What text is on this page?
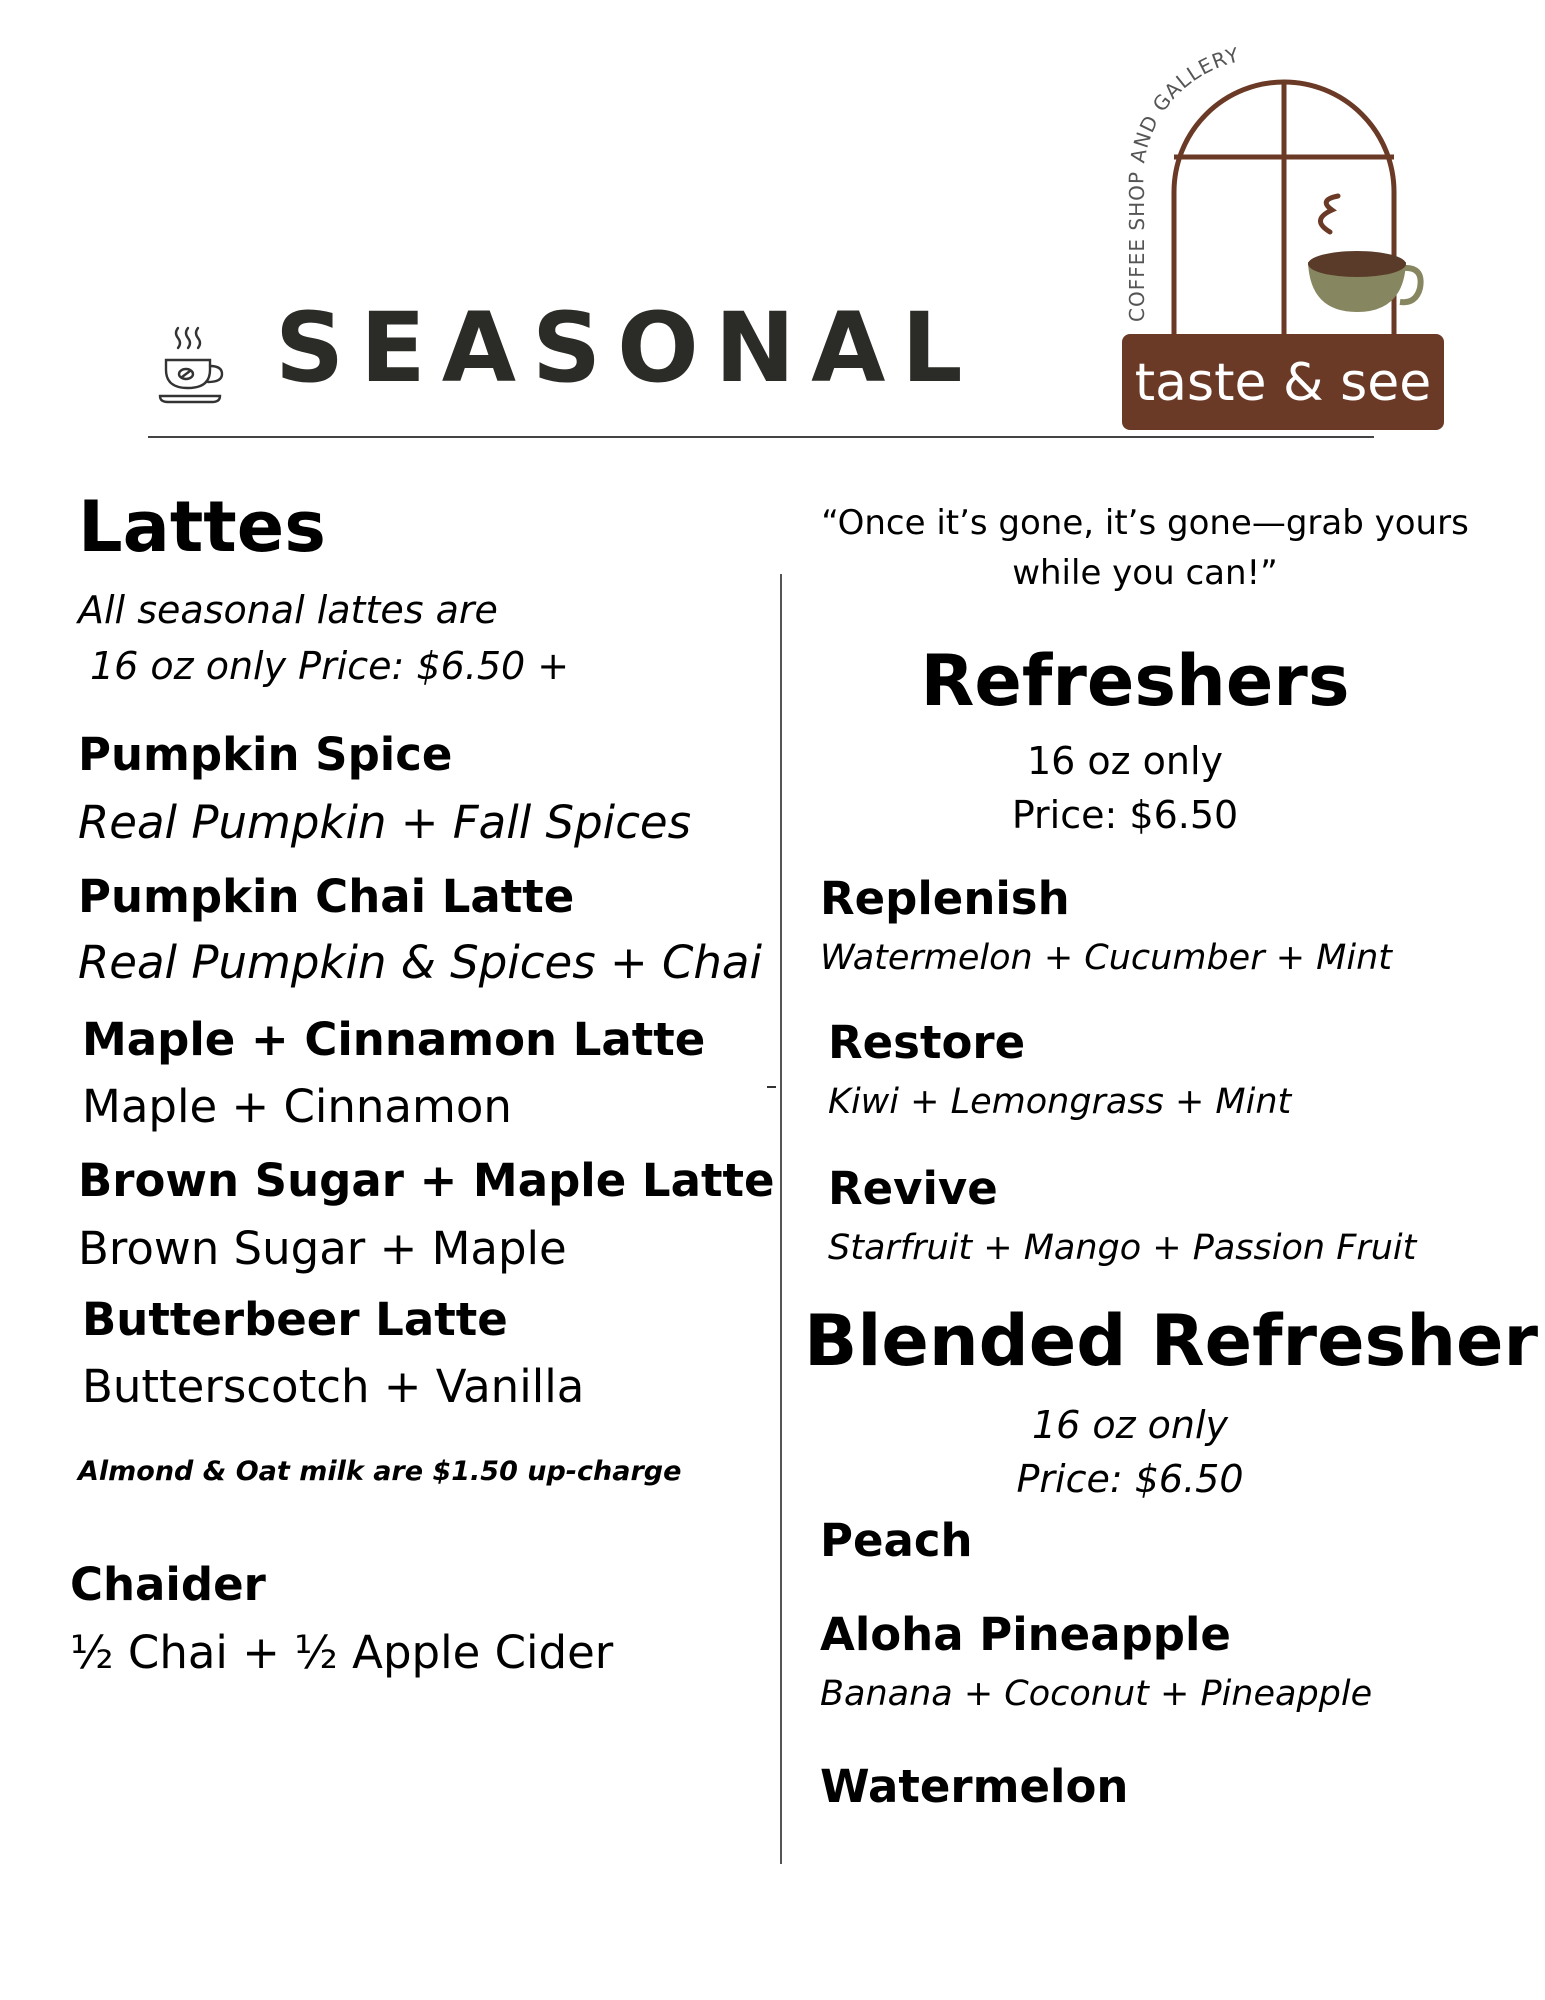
SEASONAL	COFFEE SHOP AND GALLERY
taste & see
Lattes
All seasonal lattes are
16 oz only Price: $6.50 +
Pumpkin Spice
Real Pumpkin + Fall Spices
Pumpkin Chai Latte
Real Pumpkin & Spices + Chai
Maple + Cinnamon Latte
Maple + Cinnamon
Brown Sugar + Maple Latte
Brown Sugar + Maple
Butterbeer Latte
Butterscotch + Vanilla
Almond & Oat milk are $1.50 up-charge
Chaider
½ Chai + ½ Apple Cider
“Once it’s gone, it’s gone—grab yours
while you can!”
Refreshers
16 oz only
Price: $6.50
Replenish
Watermelon + Cucumber + Mint
Restore
Kiwi + Lemongrass + Mint
Revive
Starfruit + Mango + Passion Fruit
Blended Refresher
16 oz only
Price: $6.50
Peach
Aloha Pineapple
Banana + Coconut + Pineapple
Watermelon
